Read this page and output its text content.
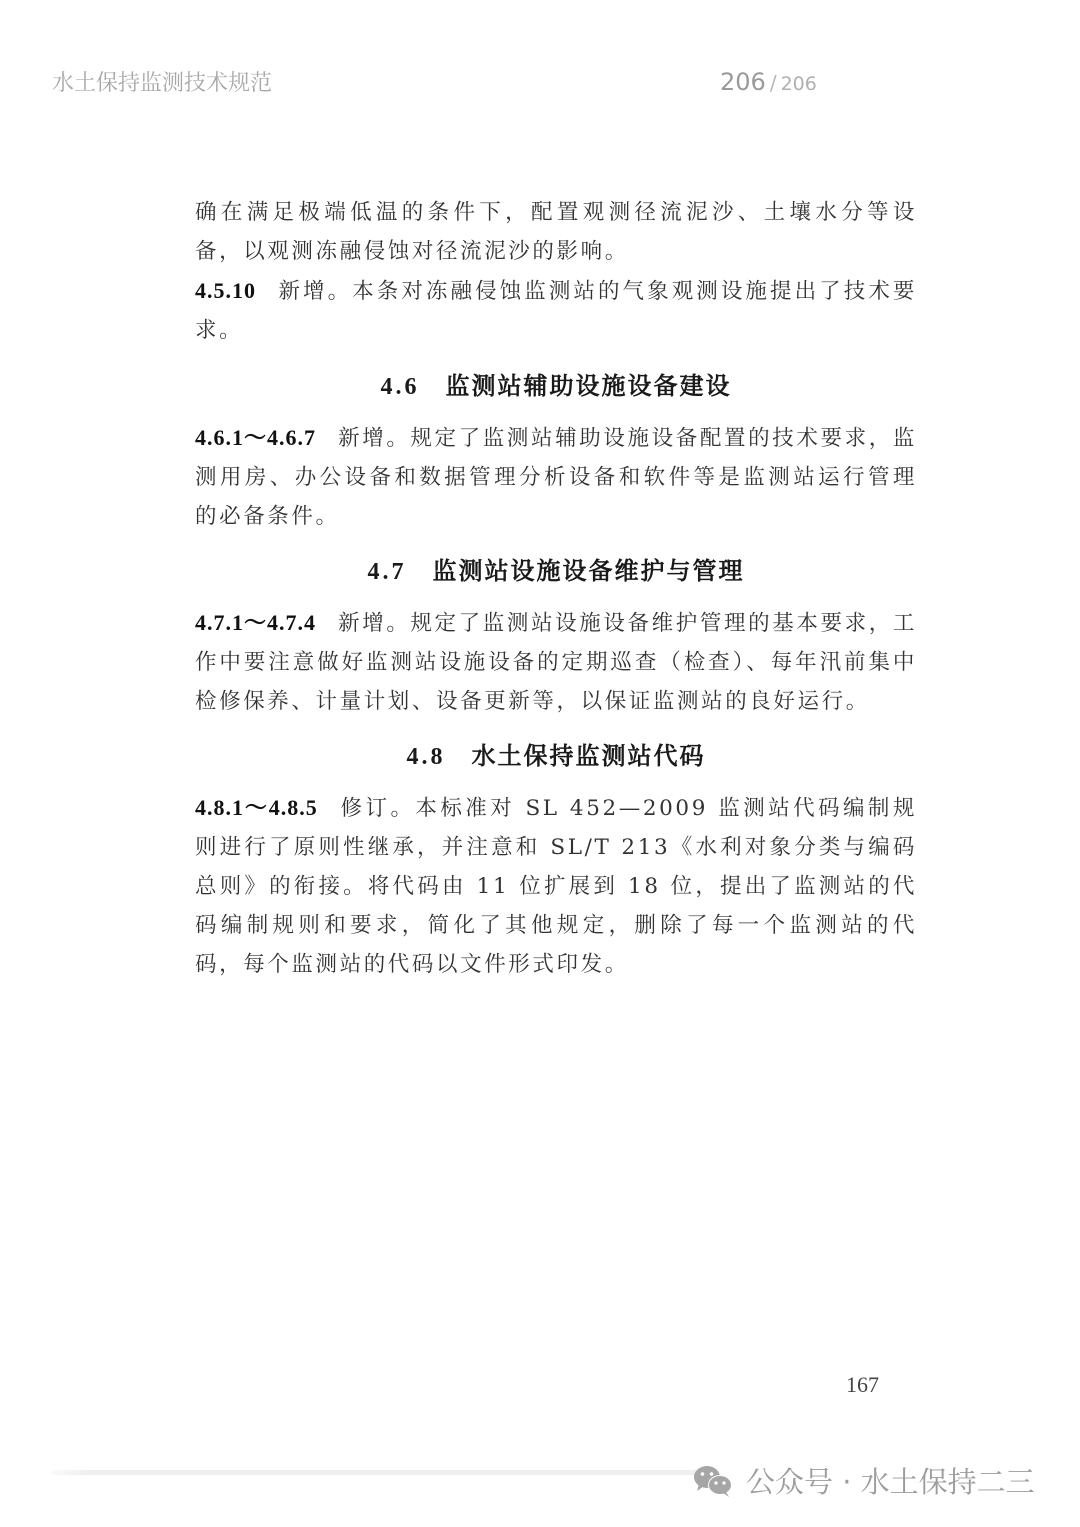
水土保持监测技术规范	206 / 206

确在满足极端低温的条件下，配置观测径流泥沙、土壤水分等设备，以观测冻融侵蚀对径流泥沙的影响。

4.5.10 新增。本条对冻融侵蚀监测站的气象观测设施提出了技术要求。

4.6 监测站辅助设施设备建设

4.6.1～4.6.7 新增。规定了监测站辅助设施设备配置的技术要求，监测用房、办公设备和数据管理分析设备和软件等是监测站运行管理的必备条件。

4.7 监测站设施设备维护与管理

4.7.1～4.7.4 新增。规定了监测站设施设备维护管理的基本要求，工作中要注意做好监测站设施设备的定期巡查（检查）、每年汛前集中检修保养、计量计划、设备更新等，以保证监测站的良好运行。

4.8 水土保持监测站代码

4.8.1～4.8.5 修订。本标准对 SL 452—2009 监测站代码编制规则进行了原则性继承，并注意和 SL/T 213《水利对象分类与编码总则》的衔接。将代码由 11 位扩展到 18 位，提出了监测站的代码编制规则和要求，简化了其他规定，删除了每一个监测站的代码，每个监测站的代码以文件形式印发。

167
公众号 · 水土保持二三
